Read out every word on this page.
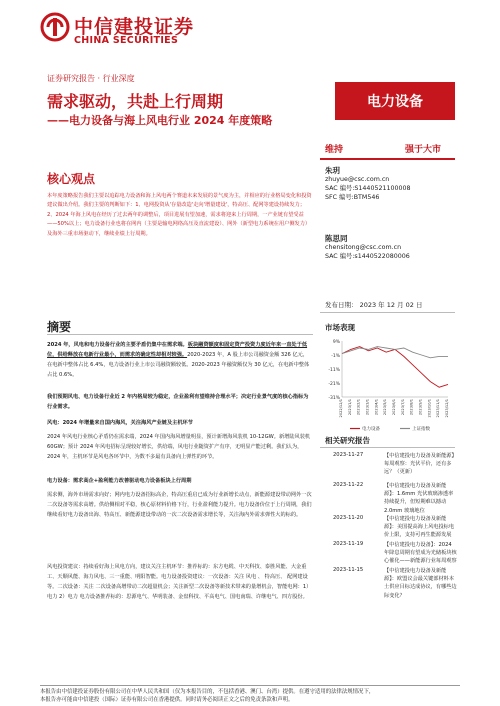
中信建投证券
CHINA SECURITIES
证券研究报告 · 行业深度
需求驱动，共赴上行周期
——电力设备与海上风电行业 2024 年度策略
电力设备
核心观点
本年度策略报告我们主要以追踪电力设备和海上风电两个赛道未来发展的景气度为主，并相应的行业格局变化和投资建议做出介绍。我们主要的判断如下：1、电网投资从'存量改造'走向'增量建设'，特高压、配网等建设持续发力；2、2024 年海上风电在经历了过去两年的调整后，项目进展有望加速，需求将迎来上行周期，一产业链有望受益——50%以上；电力设备行业也将在网内（主要是输电网络高压及直流建设）、网外（新型电力系统在用户侧发力）及海外三重市场驱动下，继续业绩上行周期。
摘要
2024 年，风电和电力设备行业的主要矛盾仍集中在需求端。板块融资额度和固定资产投资力度近年来一直处于低位，供给释放在电新行业最小，而需求的确定性却相对较强。2020-2023 年，A 股上市公司融资金额 326 亿元，在电新中整体占比 6.4%，电力设备行业上市公司融资额较低。2020-2023 年融资额仅为 30 亿元，在电新中整体占比 0.6%。
我们预期风电、电力设备行业近 2 年内格局较为稳定，企业盈利有望维持合理水平；决定行业景气度的核心指标为行业需求。
风电：2024 年增量来自国内海风，关注海风产业链及主机环节
2024 年风电行业核心矛盾仍在需求端，2024 年国内海风增量明显，预计新增海风装机 10-12GW。新增陆风装机 60GW；预计 2024 年风电招标呈现较好增长，供给端，风电行业随资扩产有序，无明显产能过剩。我们认为，2024 年，主机环节是风电各环节中，为数不多最有具备向上弹性的环节。
电力设备：需求高企+盈利能力改善驱动电力设备板块上行周期
需求侧，海外市场需求向好；网内电力设备招标高企，特高压重启已成为行业新增长动点，新能源建设带动网外一次二次设备等需求高增。供给侧相对平稳，核心原材料价格下行，行业盈利能力提升。电力设备价位于上行周期，我们继续看好电力设备出海、特高压、新能源建设带动的一次二次设备需求增长等，关注海内外需求弹性大的标的。
风电投资建议：持续看好海上风电方向，建议关注主机环节：推荐标的：东方电缆、中天科技、泰胜风能、大金重工、天顺风能、海力风电、三一重能、明阳智能。电力设备投资建议：一次设备：关注 风电 、 特高压、 配网建设等。二次设备：关注 二次设备高增带动二次超量机会；关注新型二次设备等新技术带来的量增机会，智能电网：1）电力 2）电力 电力设备推荐标的：思源电气、华明装备、金盘科技、平高电气、国电南瑞、许继电气、四方股份。
本报告由中信建投证券股份有限公司在中华人民共和国（仅为本报告目的，不包括香港、澳门、台湾）提供。在遵守适用的法律法规情况下，
本报告亦可能由中信建投（国际）证券有限公司在香港提供。同时请务必阅读正文之后的免责条款和声明。
维持	强于大市
朱玥
zhuyue@csc.com.cn
SAC 编号:S1440521100008
SFC 编号:BTM546
陈思同
chensitong@csc.com.cn
SAC 编号:s1440522080006
发布日期： 2023 年 12 月 02 日
市场表现
9%
-1%
-11%
-21%
-31%
2022/12/1 2023/1/1 2023/2/1 2023/3/1 2023/4/1 2023/5/1 2023/6/1 2023/7/1 2023/8/1 2023/9/1 2023/10/1 2023/11/1 2023/12/1
电力设备	上证指数
相关研究报告
2023-11-27	【中信建投电力设备及新能源】每周观察：光伏平价，还有多远？（更新）
2023-11-22	【中信建投电力设备及新能源】：1.6mm 光伏玻璃渗透率持续提升，但短期难以撼动 2.0mm 玻璃地位
2023-11-20	【中信建投电力设备及新能源】：美国提高海上风电投标电价上限，支持可再生能源发展
2023-11-19	【中信建投电力设备】：2024 年降息周期有望成为光储板块核心催化——新能源行业每周观察
2023-11-15	【中信建投电力设备及新能源】：欧盟议会最关键部材料本土供应目标达成协议，有哪些边际变化？
